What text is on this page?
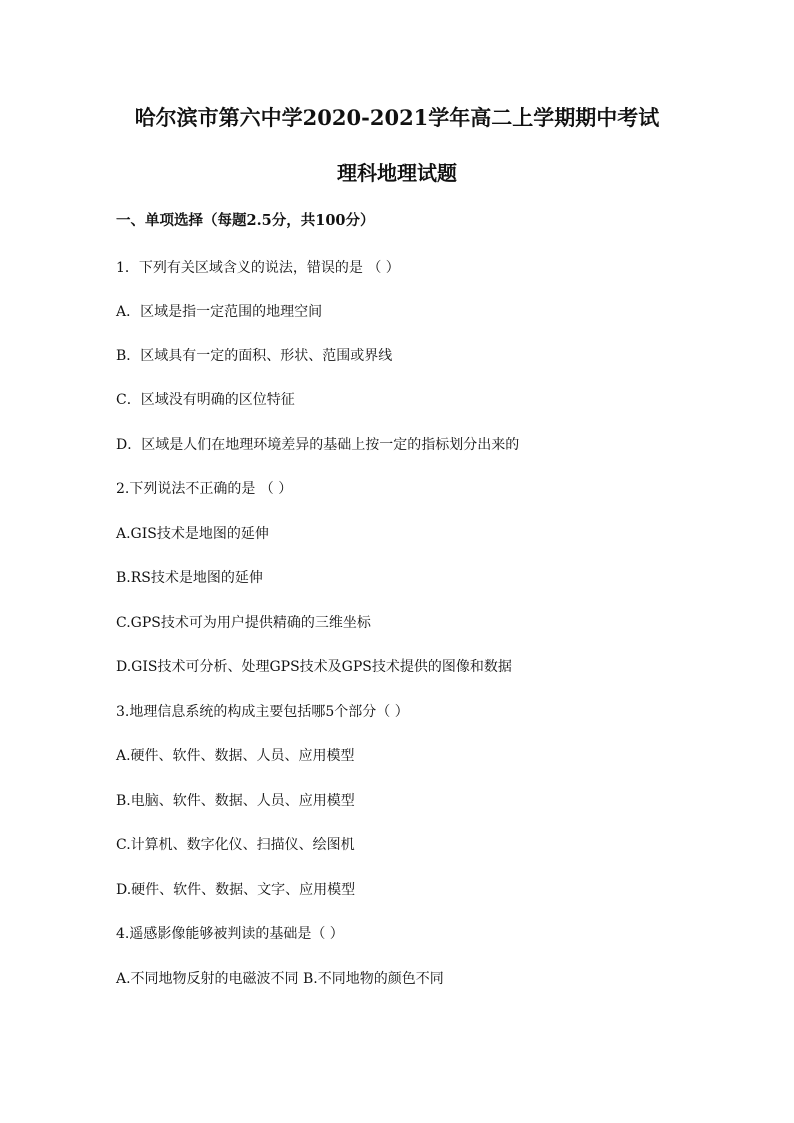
哈尔滨市第六中学2020-2021学年高二上学期期中考试
理科地理试题
一、单项选择（每题2.5分，共100分）
1．下列有关区域含义的说法，错误的是 （ ）
A．区域是指一定范围的地理空间
B．区域具有一定的面积、形状、范围或界线
C．区域没有明确的区位特征
D．区域是人们在地理环境差异的基础上按一定的指标划分出来的
2.下列说法不正确的是 （ ）
A.GIS技术是地图的延伸
B.RS技术是地图的延伸
C.GPS技术可为用户提供精确的三维坐标
D.GIS技术可分析、处理GPS技术及GPS技术提供的图像和数据
3.地理信息系统的构成主要包括哪5个部分（ ）
A.硬件、软件、数据、人员、应用模型
B.电脑、软件、数据、人员、应用模型
C.计算机、数字化仪、扫描仪、绘图机
D.硬件、软件、数据、文字、应用模型
4.遥感影像能够被判读的基础是（ ）
A.不同地物反射的电磁波不同 B.不同地物的颜色不同
